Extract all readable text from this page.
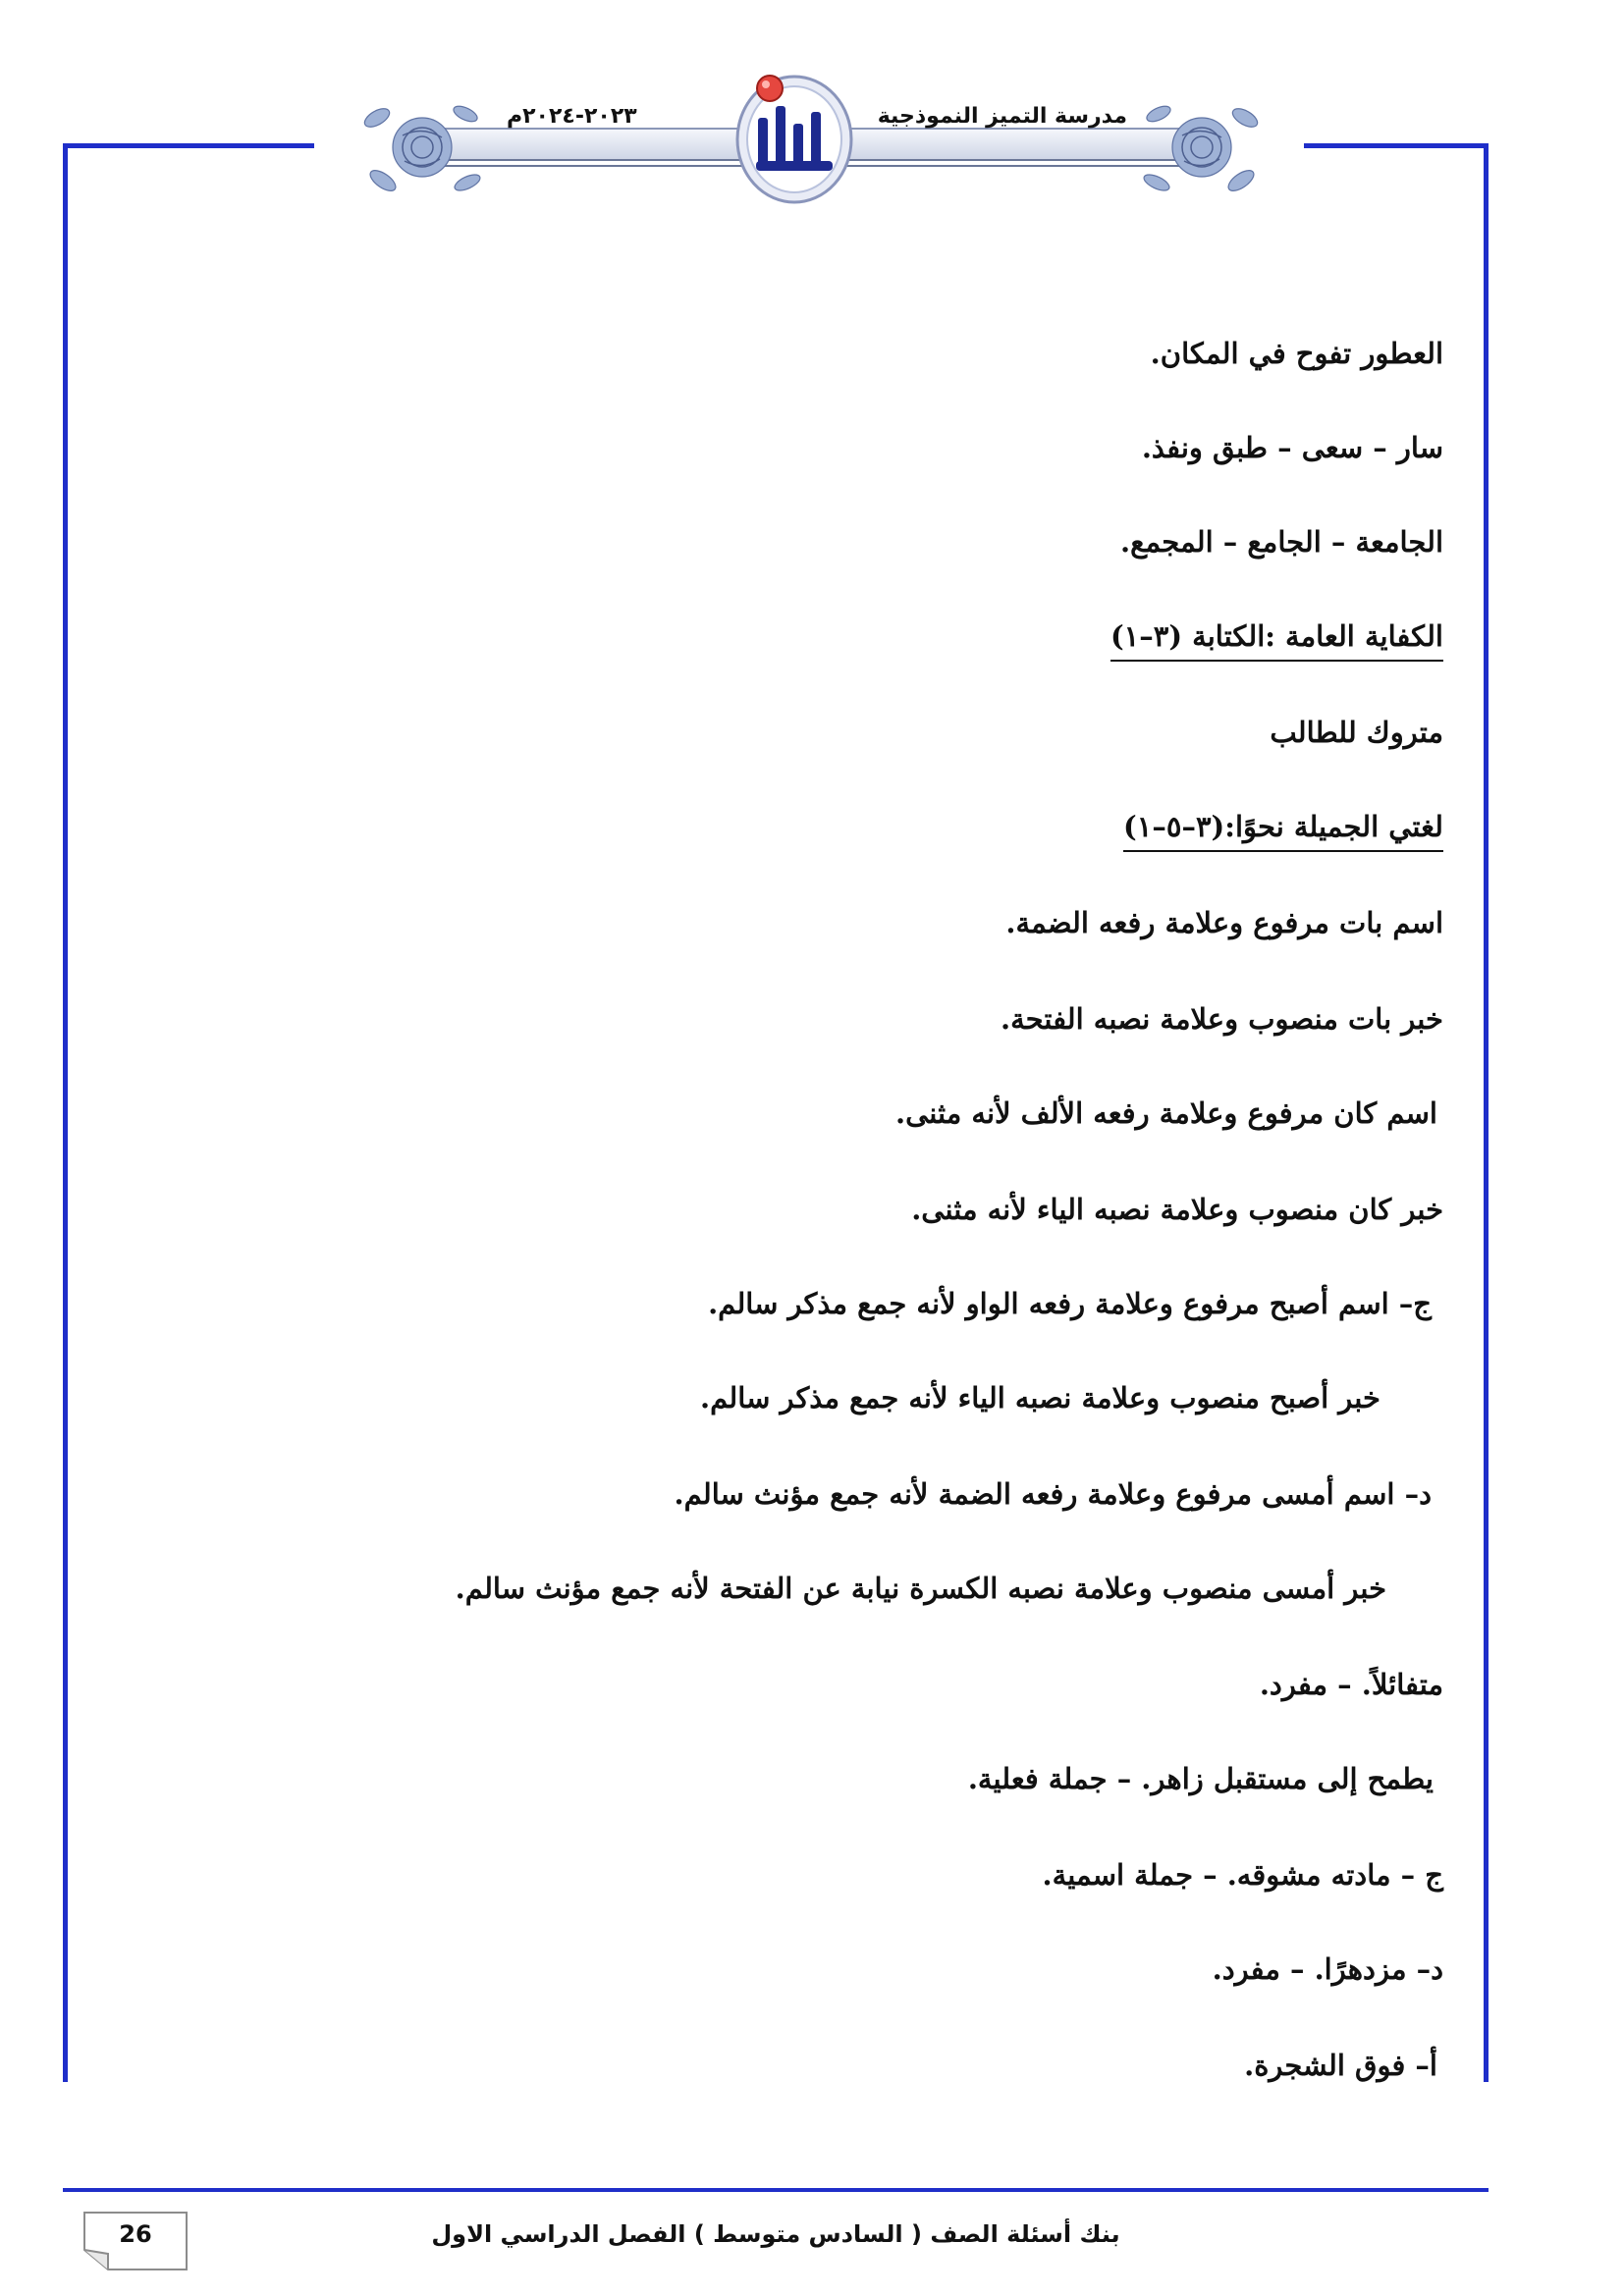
٢٠٢٣-٢٠٢٤م	مدرسة التميز النموذجية
العطور تفوح في المكان.
سار – سعى – طبق ونفذ.
الجامعة – الجامع – المجمع.
الكفاية العامة :الكتابة (٣–١)
متروك للطالب
لغتي الجميلة نحوًا:(٣–٥–١)
اسم بات مرفوع وعلامة رفعه الضمة.
خبر بات منصوب وعلامة نصبه الفتحة.
اسم كان مرفوع وعلامة رفعه الألف لأنه مثنى.
خبر كان منصوب وعلامة نصبه الياء لأنه مثنى.
ج– اسم أصبح مرفوع وعلامة رفعه الواو لأنه جمع مذكر سالم.
خبر أصبح منصوب وعلامة نصبه الياء لأنه جمع مذكر سالم.
د– اسم أمسى مرفوع وعلامة رفعه الضمة لأنه جمع مؤنث سالم.
خبر أمسى منصوب وعلامة نصبه الكسرة نيابة عن الفتحة لأنه جمع مؤنث سالم.
متفائلاً. – مفرد.
يطمح إلى مستقبل زاهر. – جملة فعلية.
ج – مادته مشوقه. – جملة اسمية.
د– مزدهرًا. – مفرد.
أ– فوق الشجرة.
26	بنك أسئلة الصف ( السادس متوسط ) الفصل الدراسي الاول
